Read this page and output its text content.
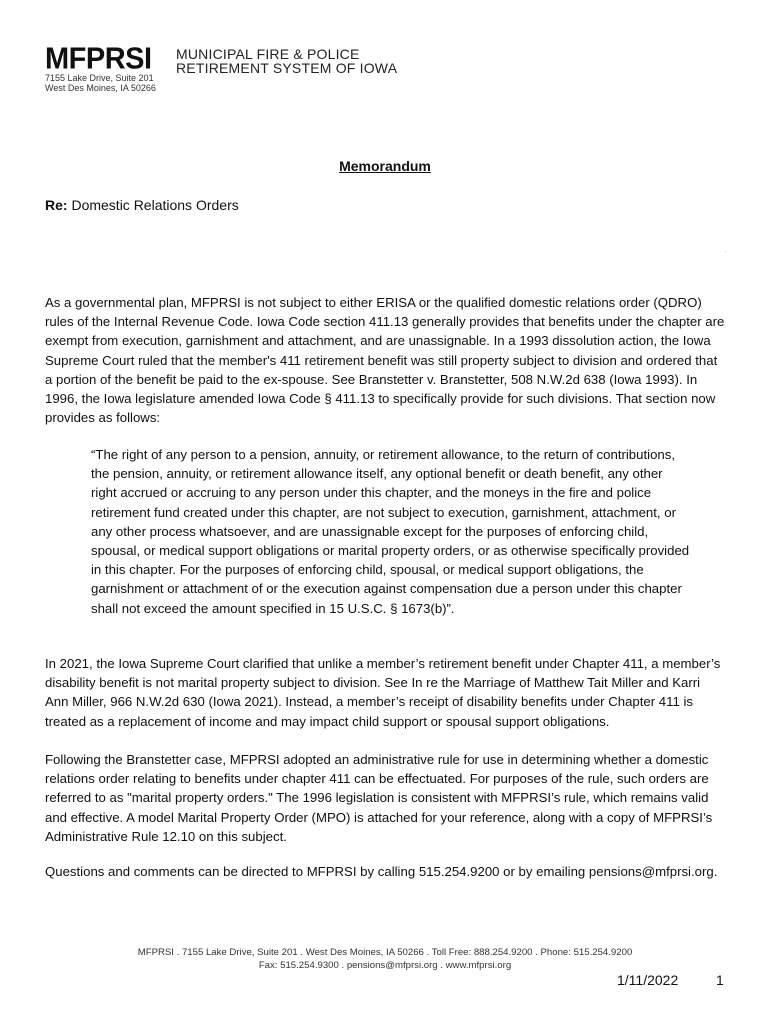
MFPRSI MUNICIPAL FIRE & POLICE
RETIREMENT SYSTEM OF IOWA
7155 Lake Drive, Suite 201
West Des Moines, IA 50266
Memorandum
Re: Domestic Relations Orders
.

As a governmental plan, MFPRSI is not subject to either ERISA or the qualified domestic relations order (QDRO) rules of the Internal Revenue Code. Iowa Code section 411.13 generally provides that benefits under the chapter are exempt from execution, garnishment and attachment, and are unassignable. In a 1993 dissolution action, the Iowa Supreme Court ruled that the member's 411 retirement benefit was still property subject to division and ordered that a portion of the benefit be paid to the ex-spouse. See Branstetter v. Branstetter, 508 N.W.2d 638 (Iowa 1993). In 1996, the Iowa legislature amended Iowa Code § 411.13 to specifically provide for such divisions. That section now provides as follows:

“The right of any person to a pension, annuity, or retirement allowance, to the return of contributions, the pension, annuity, or retirement allowance itself, any optional benefit or death benefit, any other right accrued or accruing to any person under this chapter, and the moneys in the fire and police retirement fund created under this chapter, are not subject to execution, garnishment, attachment, or any other process whatsoever, and are unassignable except for the purposes of enforcing child, spousal, or medical support obligations or marital property orders, or as otherwise specifically provided in this chapter. For the purposes of enforcing child, spousal, or medical support obligations, the garnishment or attachment of or the execution against compensation due a person under this chapter shall not exceed the amount specified in 15 U.S.C. § 1673(b)”.

In 2021, the Iowa Supreme Court clarified that unlike a member’s retirement benefit under Chapter 411, a member’s disability benefit is not marital property subject to division. See In re the Marriage of Matthew Tait Miller and Karri Ann Miller, 966 N.W.2d 630 (Iowa 2021). Instead, a member’s receipt of disability benefits under Chapter 411 is treated as a replacement of income and may impact child support or spousal support obligations.

Following the Branstetter case, MFPRSI adopted an administrative rule for use in determining whether a domestic relations order relating to benefits under chapter 411 can be effectuated. For purposes of the rule, such orders are referred to as "marital property orders." The 1996 legislation is consistent with MFPRSI’s rule, which remains valid and effective. A model Marital Property Order (MPO) is attached for your reference, along with a copy of MFPRSI’s Administrative Rule 12.10 on this subject.

Questions and comments can be directed to MFPRSI by calling 515.254.9200 or by emailing pensions@mfprsi.org.

MFPRSI . 7155 Lake Drive, Suite 201 . West Des Moines, IA 50266 . Toll Free: 888.254.9200 . Phone: 515.254.9200
Fax: 515.254.9300 . pensions@mfprsi.org . www.mfprsi.org
1/11/2022	1
